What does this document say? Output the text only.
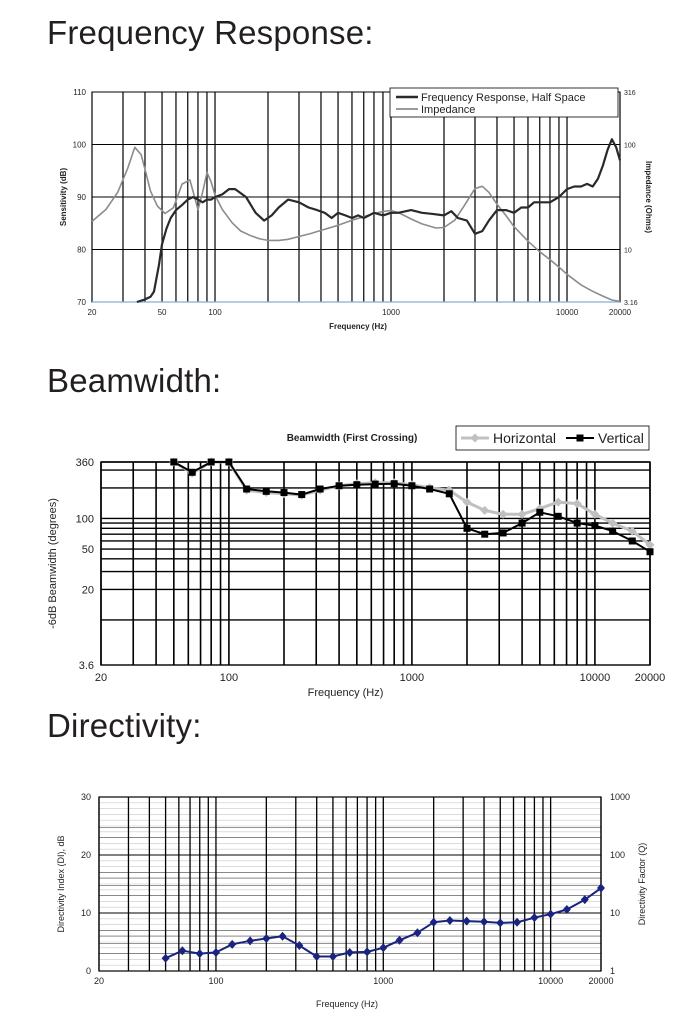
Frequency Response:
Beamwidth:
Directivity:
20	50	100	1000	10000	20000
70
80
90
100
110
3.16
10
100
316
Frequency (Hz)
Sensitivity (dB)	Impedance (Ohms)
Frequency Response, Half Space
Impedance
20	100	1000	10000 20000
3.6
20
50
100
360
Frequency (Hz)
-6dB Beamwidth (degrees)
Beamwidth (First Crossing)	Horizontal	Vertical
20	100	1000	10000	20000
0
10
20
30
1
10
100
1000
Frequency (Hz)
Directivity Index (DI), dB	Directivity Factor (Q)
